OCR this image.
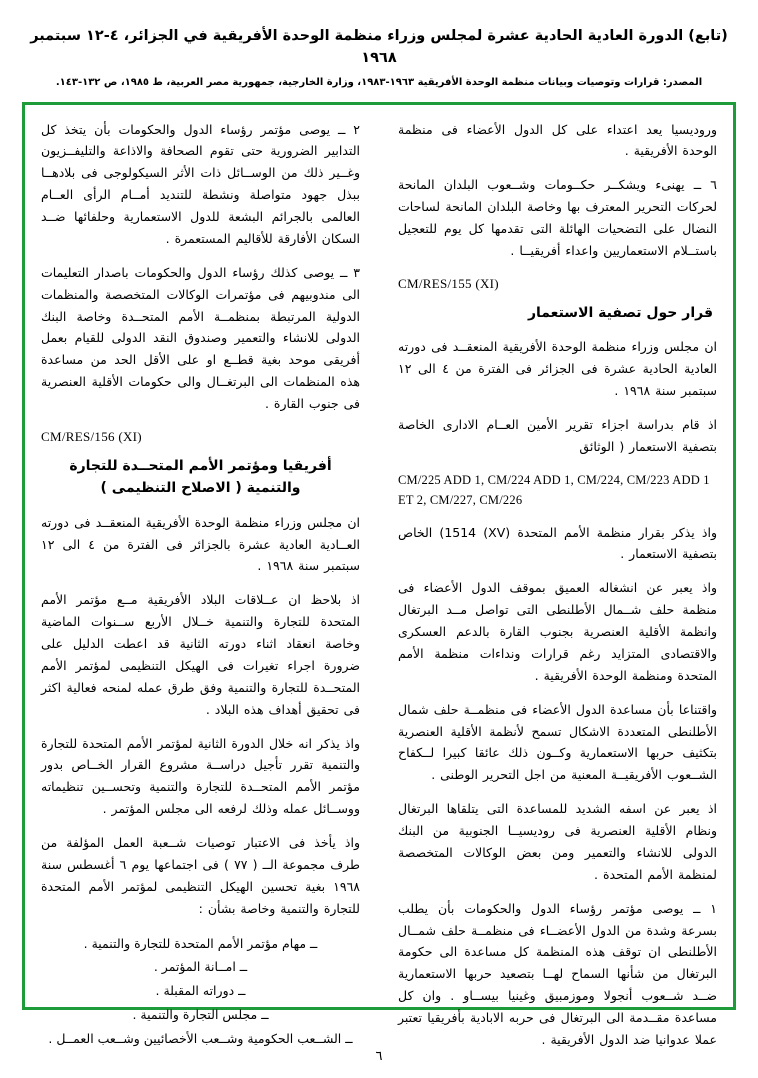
(تابع) الدورة العادية الحادية عشرة لمجلس وزراء منظمة الوحدة الأفريقية في الجزائر، ٤-١٢ سبتمبر ١٩٦٨
المصدر: قرارات وتوصيات وبيانات منظمة الوحدة الأفريقية ١٩٦٣-١٩٨٣، وزارة الخارجية، جمهورية مصر العربية، ط ١٩٨٥، ص ١٣٢-١٤٣.

وروديسيا يعد اعتداء على كل الدول الأعضاء فى منظمة الوحدة الأفريقية .

٦ ــ يهنىء ويشكــر حكــومات وشــعوب البلدان المانحة لحركات التحرير المعترف بها وخاصة البلدان المانحة لساحات النضال على التضحيات الهائلة التى تقدمها كل يوم للتعجيل باستــلام الاستعماريين واعداء أفريقيــا .

CM/RES/155 (XI)
قرار حول تصفية الاستعمار

ان مجلس وزراء منظمة الوحدة الأفريقية المنعقــد فى دورته العادية الحادية عشرة فى الجزائر فى الفترة من ٤ الى ١٢ سبتمبر سنة ١٩٦٨ .

اذ قام بدراسة اجزاء تقرير الأمين العــام الادارى الخاصة بتصفية الاستعمار ( الوثائق

CM/225 ADD 1, CM/224 ADD 1, CM/224, CM/223 ADD 1 ET 2, CM/227, CM/226

واذ يذكر بقرار منظمة الأمم المتحدة (XV) 1514) الخاص بتصفية الاستعمار .

واذ يعبر عن انشغاله العميق بموقف الدول الأعضاء فى منظمة حلف شــمال الأطلنطى التى تواصل مــد البرتغال وانظمة الأقلية العنصرية بجنوب القارة بالدعم العسكرى والاقتصادى المتزايد رغم قرارات ونداءات منظمة الأمم المتحدة ومنظمة الوحدة الأفريقية .

واقتناعا بأن مساعدة الدول الأعضاء فى منظمــة حلف شمال الأطلنطى المتعددة الاشكال تسمح لأنظمة الأقلية العنصرية بتكثيف حربها الاستعمارية وكــون ذلك عائقا كبيرا لــكفاح الشــعوب الأفريقيــة المعنية من اجل التحرير الوطنى .

اذ يعبر عن اسفه الشديد للمساعدة التى يتلقاها البرتغال ونظام الأقلية العنصرية فى روديسيــا الجنوبية من البنك الدولى للانشاء والتعمير ومن بعض الوكالات المتخصصة لمنظمة الأمم المتحدة .

١ ــ يوصى مؤتمر رؤساء الدول والحكومات بأن يطلب بسرعة وشدة من الدول الأعضــاء فى منظمــة حلف شمــال الأطلنطى ان توقف هذه المنظمة كل مساعدة الى حكومة البرتغال من شأنها السماح لهــا بتصعيد حربها الاستعمارية ضــد شــعوب أنجولا وموزمبيق وغينيا بيســاو . وان كل مساعدة مقــدمة الى البرتغال فى حربه الابادية بأفريقيا تعتبر عملا عدوانيا ضد الدول الأفريقية .

٢ ــ يوصى مؤتمر رؤساء الدول والحكومات بأن يتخذ كل التدابير الضرورية حتى تقوم الصحافة والاذاعة والتليفــزيون وغــير ذلك من الوســائل ذات الأثر السيكولوجى فى بلادهــا ببذل جهود متواصلة ونشطة للتنديد أمــام الرأى العــام العالمى بالجرائم البشعة للدول الاستعمارية وحلفائها ضــد السكان الأفارقة للأقاليم المستعمرة .

٣ ــ يوصى كذلك رؤساء الدول والحكومات باصدار التعليمات الى مندوبيهم فى مؤتمرات الوكالات المتخصصة والمنظمات الدولية المرتبطة بمنظمــة الأمم المتحــدة وخاصة البنك الدولى للانشاء والتعمير وصندوق النقد الدولى للقيام بعمل أفريقى موحد بغية قطــع او على الأقل الحد من مساعدة هذه المنظمات الى البرتغــال والى حكومات الأقلية العنصرية فى جنوب القارة .

CM/RES/156 (XI)
أفريقيا ومؤتمر الأمم المتحــدة للتجارة والتنمية ( الاصلاح التنظيمى )

ان مجلس وزراء منظمة الوحدة الأفريقية المنعقــد فى دورته العــادية العادية عشرة بالجزائر فى الفترة من ٤ الى ١٢ سبتمبر سنة ١٩٦٨ .

اذ بلاحظ ان عــلاقات البلاد الأفريقية مــع مؤتمر الأمم المتحدة للتجارة والتنمية خــلال الأربع ســنوات الماضية وخاصة انعقاد اثناء دورته الثانية قد اعطت الدليل على ضرورة اجراء تغيرات فى الهيكل التنظيمى لمؤتمر الأمم المتحــدة للتجارة والتنمية وفق طرق عمله لمنحه فعالية اكثر فى تحقيق أهداف هذه البلاد .

واذ يذكر انه خلال الدورة الثانية لمؤتمر الأمم المتحدة للتجارة والتنمية تقرر تأجيل دراســة مشروع القرار الخــاص بدور مؤتمر الأمم المتحــدة للتجارة والتنمية وتحســين تنظيماته ووســائل عمله وذلك لرفعه الى مجلس المؤتمر .

واذ يأخذ فى الاعتبار توصيات شــعبة العمل المؤلفة من طرف مجموعة الــ ( ٧٧ ) فى اجتماعها يوم ٦ أغسطس سنة ١٩٦٨ بغية تحسين الهيكل التنظيمى لمؤتمر الأمم المتحدة للتجارة والتنمية وخاصة بشأن :

ــ مهام مؤتمر الأمم المتحدة للتجارة والتنمية .
ــ امــانة المؤتمر .
ــ دوراته المقبلة .
ــ مجلس التجارة والتنمية .
ــ الشــعب الحكومية وشــعب الأخصائيين وشــعب العمــل .
٦
